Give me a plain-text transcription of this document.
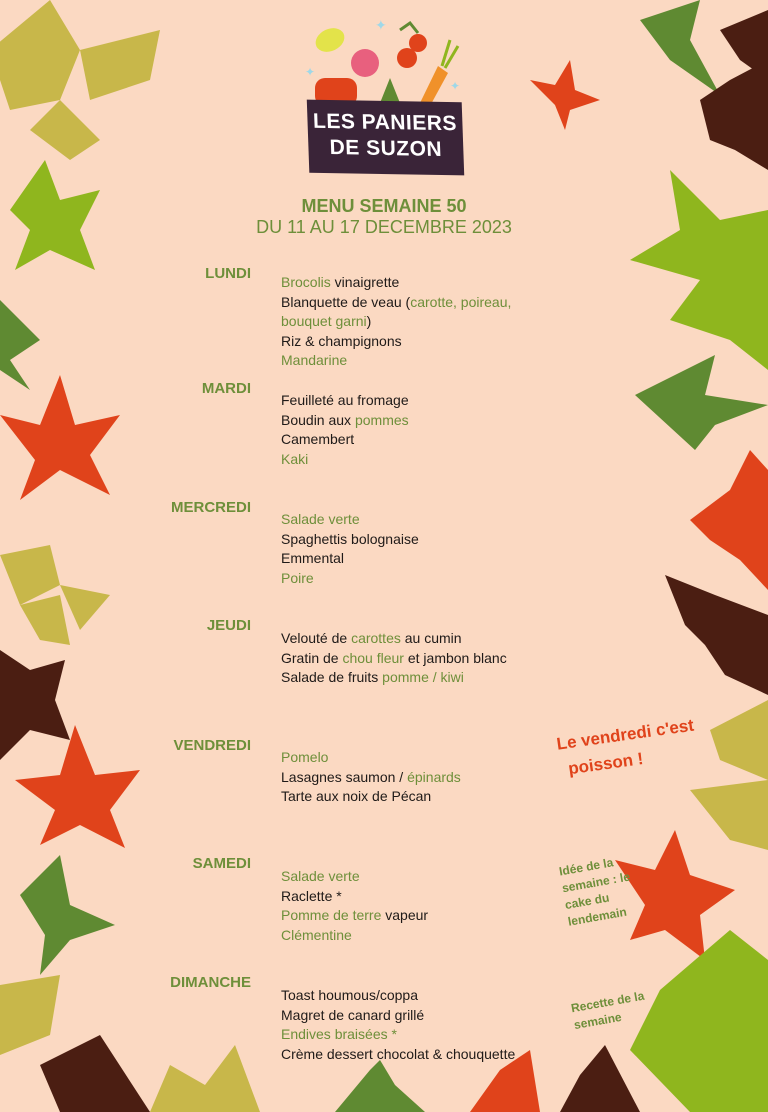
✦
✦
✦
LES PANIERS
DE SUZON
MENU SEMAINE 50
DU 11 AU 17 DECEMBRE 2023
LUNDI Brocolis vinaigrette
Blanquette de veau (carotte, poireau,
bouquet garni)
Riz & champignons
Mandarine
MARDI
Feuilleté au fromage
Boudin aux pommes
Camembert
Kaki
MERCREDI
Salade verte
Spaghettis bolognaise
Emmental
Poire
JEUDI
Velouté de carottes au cumin
Gratin de chou fleur et jambon blanc
Salade de fruits pomme / kiwi
VENDREDI
Pomelo
Lasagnes saumon / épinards
Tarte aux noix de Pécan
SAMEDI
Salade verte
Raclette *
Pomme de terre vapeur
Clémentine
DIMANCHE
Toast houmous/coppa
Magret de canard grillé
Endives braisées *
Crème dessert chocolat & chouquette
Le vendredi c'est
poisson !
Idée de la semaine : le cake du lendemain
Recette de la semaine
